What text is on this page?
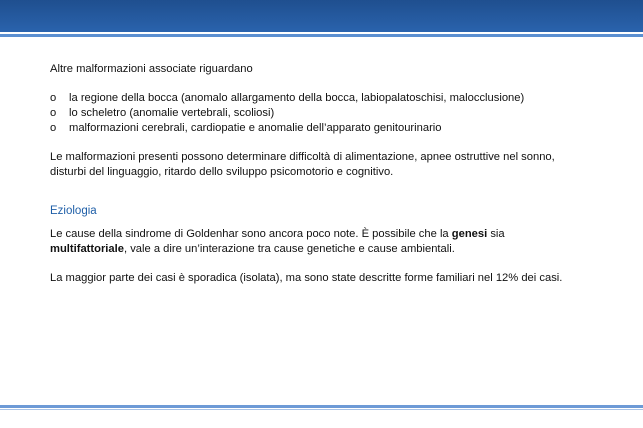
Altre malformazioni associate riguardano

o la regione della bocca (anomalo allargamento della bocca, labiopalatoschisi, malocclusione)
o lo scheletro (anomalie vertebrali, scoliosi)
o malformazioni cerebrali, cardiopatie e anomalie dell’apparato genitourinario

Le malformazioni presenti possono determinare difficoltà di alimentazione, apnee ostruttive nel sonno,

disturbi del linguaggio, ritardo dello sviluppo psicomotorio e cognitivo.

Eziologia

Le cause della sindrome di Goldenhar sono ancora poco note. È possibile che la genesi sia

multifattoriale, vale a dire un’interazione tra cause genetiche e cause ambientali.

La maggior parte dei casi è sporadica (isolata), ma sono state descritte forme familiari nel 12% dei casi.
